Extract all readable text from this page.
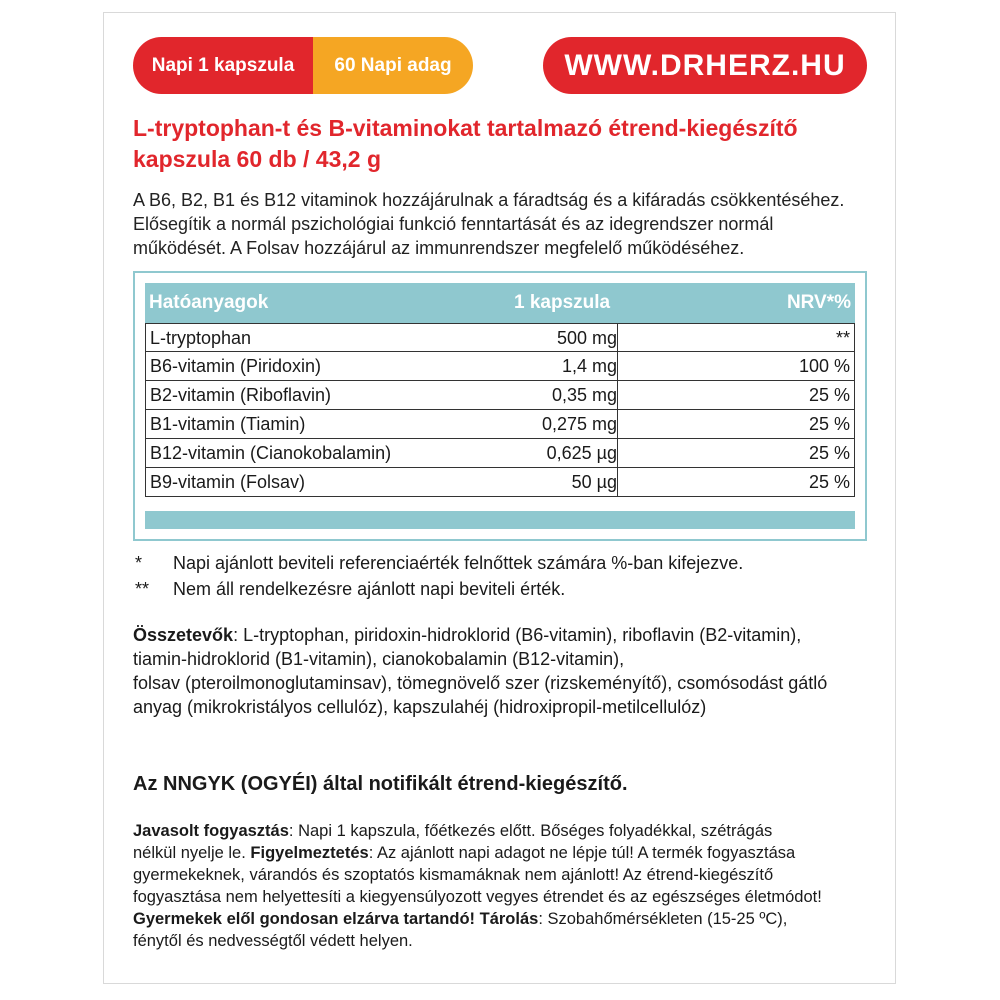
Napi 1 kapszula	60 Napi adag	WWW.DRHERZ.HU
L-tryptophan-t és B-vitaminokat tartalmazó étrend-kiegészítő
kapszula 60 db / 43,2 g
A B6, B2, B1 és B12 vitaminok hozzájárulnak a fáradtság és a kifáradás csökkentéséhez.
Elősegítik a normál pszichológiai funkció fenntartását és az idegrendszer normál
működését. A Folsav hozzájárul az immunrendszer megfelelő működéséhez.
Hatóanyagok	1 kapszula	NRV*%
L-tryptophan	500 mg	**
B6-vitamin (Piridoxin)	1,4 mg	100 %
B2-vitamin (Riboflavin)	0,35 mg	25 %
B1-vitamin (Tiamin)	0,275 mg	25 %
B12-vitamin (Cianokobalamin)	0,625 µg	25 %
B9-vitamin (Folsav)	50 µg	25 %
* Napi ajánlott beviteli referenciaérték felnőttek számára %-ban kifejezve.
** Nem áll rendelkezésre ajánlott napi beviteli érték.
Összetevők: L-tryptophan, piridoxin-hidroklorid (B6-vitamin), riboflavin (B2-vitamin),
tiamin-hidroklorid (B1-vitamin), cianokobalamin (B12-vitamin),
folsav (pteroilmonoglutaminsav), tömegnövelő szer (rizskeményítő), csomósodást gátló
anyag (mikrokristályos cellulóz), kapszulahéj (hidroxipropil-metilcellulóz)
Az NNGYK (OGYÉI) által notifikált étrend-kiegészítő.
Javasolt fogyasztás: Napi 1 kapszula, főétkezés előtt. Bőséges folyadékkal, szétrágás
nélkül nyelje le. Figyelmeztetés: Az ajánlott napi adagot ne lépje túl! A termék fogyasztása
gyermekeknek, várandós és szoptatós kismamáknak nem ajánlott! Az étrend-kiegészítő
fogyasztása nem helyettesíti a kiegyensúlyozott vegyes étrendet és az egészséges életmódot!
Gyermekek elől gondosan elzárva tartandó! Tárolás: Szobahőmérsékleten (15-25 ºC),
fénytől és nedvességtől védett helyen.
